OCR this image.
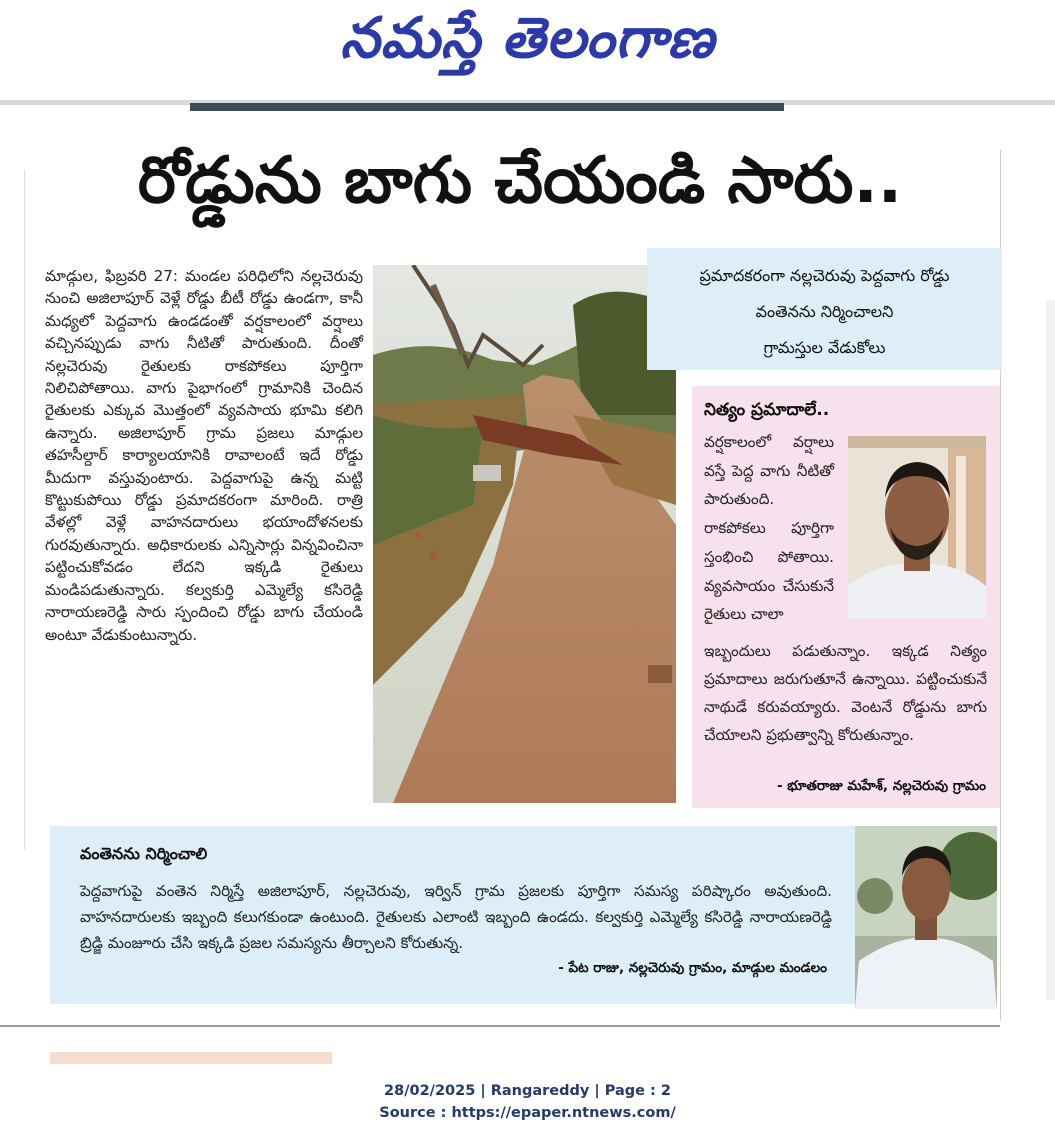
నమస్తే తెలంగాణ
రోడ్డును బాగు చేయండి సారు..
మాడ్గుల, ఫిబ్రవరి 27: మండల పరిధిలోని నల్లచెరువు నుంచి అజిలాపూర్ వెళ్లే రోడ్డు బీటీ రోడ్డు ఉండగా, కానీ మధ్యలో పెద్దవాగు ఉండడంతో వర్షకాలంలో వర్షాలు వచ్చినప్పుడు వాగు నీటితో పారుతుంది. దీంతో నల్లచెరువు రైతులకు రాకపోకలు పూర్తిగా నిలిచిపోతాయి. వాగు పైభాగంలో గ్రామానికి చెందిన రైతులకు ఎక్కువ మొత్తంలో వ్యవసాయ భూమి కలిగి ఉన్నారు. అజిలాపూర్ గ్రామ ప్రజలు మాడ్గుల తహసీల్దార్ కార్యాలయానికి రావాలంటే ఇదే రోడ్డు మీదుగా వస్తువుంటారు. పెద్దవాగుపై ఉన్న మట్టి కొట్టుకుపోయి రోడ్డు ప్రమాదకరంగా మారింది. రాత్రి వేళల్లో వెళ్లే వాహనదారులు భయాందోళనలకు గురవుతున్నారు. అధికారులకు ఎన్నిసార్లు విన్నవించినా పట్టించుకోవడం లేదని ఇక్కడి రైతులు మండిపడుతున్నారు. కల్వకుర్తి ఎమ్మెల్యే కసిరెడ్డి నారాయణరెడ్డి సారు స్పందించి రోడ్డు బాగు చేయండి అంటూ వేడుకుంటున్నారు.
ప్రమాదకరంగా నల్లచెరువు పెద్దవాగు రోడ్డు
వంతెనను నిర్మించాలని
గ్రామస్తుల వేడుకోలు
నిత్యం ప్రమాదాలే..
వర్షకాలంలో వర్షాలు వస్తే పెద్ద వాగు నీటితో పారుతుంది. రాకపోకలు పూర్తిగా స్తంభించి పోతాయి. వ్యవసాయం చేసుకునే రైతులు చాలా
ఇబ్బందులు పడుతున్నాం. ఇక్కడ నిత్యం ప్రమాదాలు జరుగుతూనే ఉన్నాయి. పట్టించుకునే నాథుడే కరువయ్యారు. వెంటనే రోడ్డును బాగు చేయాలని ప్రభుత్వాన్ని కోరుతున్నాం.
- భూతరాజు మహేశ్, నల్లచెరువు గ్రామం
వంతెనను నిర్మించాలి
పెద్దవాగుపై వంతెన నిర్మిస్తే అజిలాపూర్, నల్లచెరువు, ఇర్విన్ గ్రామ ప్రజలకు పూర్తిగా సమస్య పరిష్కారం అవుతుంది. వాహనదారులకు ఇబ్బంది కలుగకుండా ఉంటుంది. రైతులకు ఎలాంటి ఇబ్బంది ఉండదు. కల్వకుర్తి ఎమ్మెల్యే కసిరెడ్డి నారాయణరెడ్డి బ్రిడ్జి మంజూరు చేసి ఇక్కడి ప్రజల సమస్యను తీర్చాలని కోరుతున్న.
- పేట రాజు, నల్లచెరువు గ్రామం, మాడ్గుల మండలం
28/02/2025 | Rangareddy | Page : 2
Source : https://epaper.ntnews.com/
